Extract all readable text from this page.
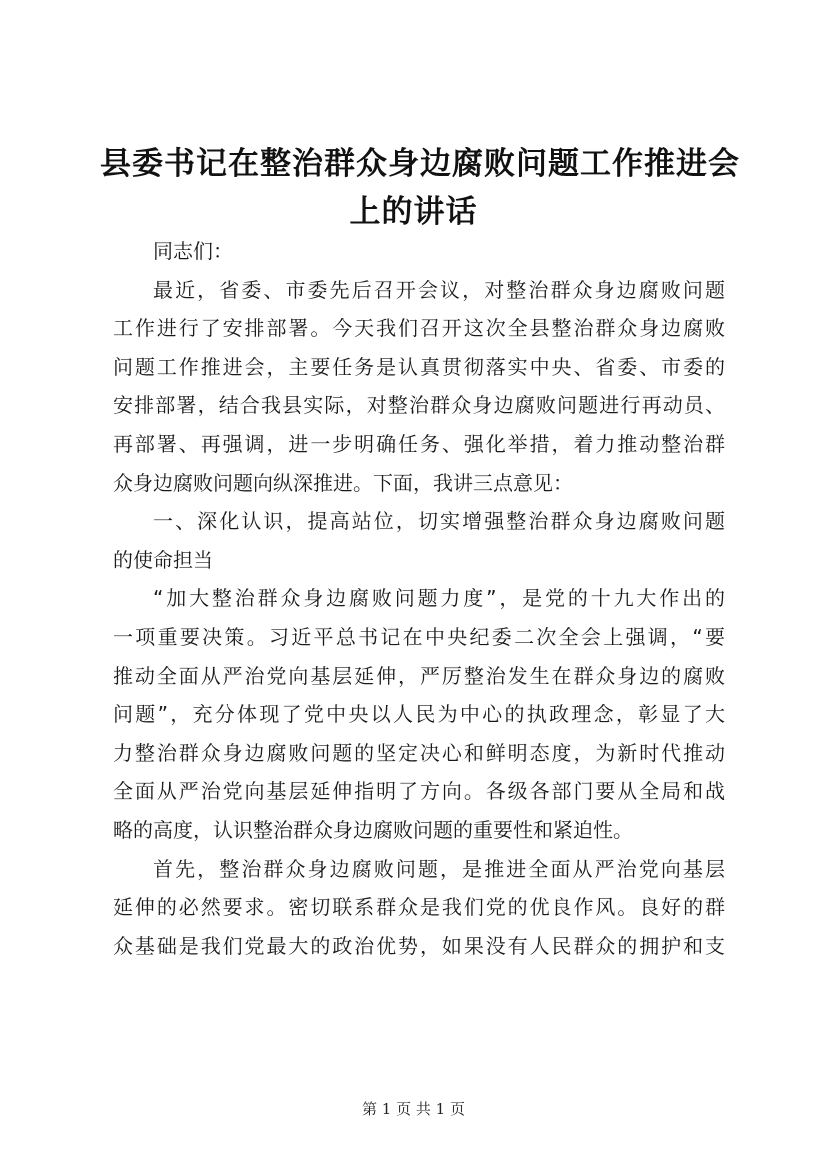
县委书记在整治群众身边腐败问题工作推进会
上的讲话
同志们：
最近，省委、市委先后召开会议，对整治群众身边腐败问题
工作进行了安排部署。今天我们召开这次全县整治群众身边腐败
问题工作推进会，主要任务是认真贯彻落实中央、省委、市委的
安排部署，结合我县实际，对整治群众身边腐败问题进行再动员、
再部署、再强调，进一步明确任务、强化举措，着力推动整治群
众身边腐败问题向纵深推进。下面，我讲三点意见：
一、深化认识，提高站位，切实增强整治群众身边腐败问题
的使命担当
“加大整治群众身边腐败问题力度”，是党的十九大作出的
一项重要决策。习近平总书记在中央纪委二次全会上强调，“要
推动全面从严治党向基层延伸，严厉整治发生在群众身边的腐败
问题”，充分体现了党中央以人民为中心的执政理念，彰显了大
力整治群众身边腐败问题的坚定决心和鲜明态度，为新时代推动
全面从严治党向基层延伸指明了方向。各级各部门要从全局和战
略的高度，认识整治群众身边腐败问题的重要性和紧迫性。
首先，整治群众身边腐败问题，是推进全面从严治党向基层
延伸的必然要求。密切联系群众是我们党的优良作风。良好的群
众基础是我们党最大的政治优势，如果没有人民群众的拥护和支
第 1 页 共 1 页
